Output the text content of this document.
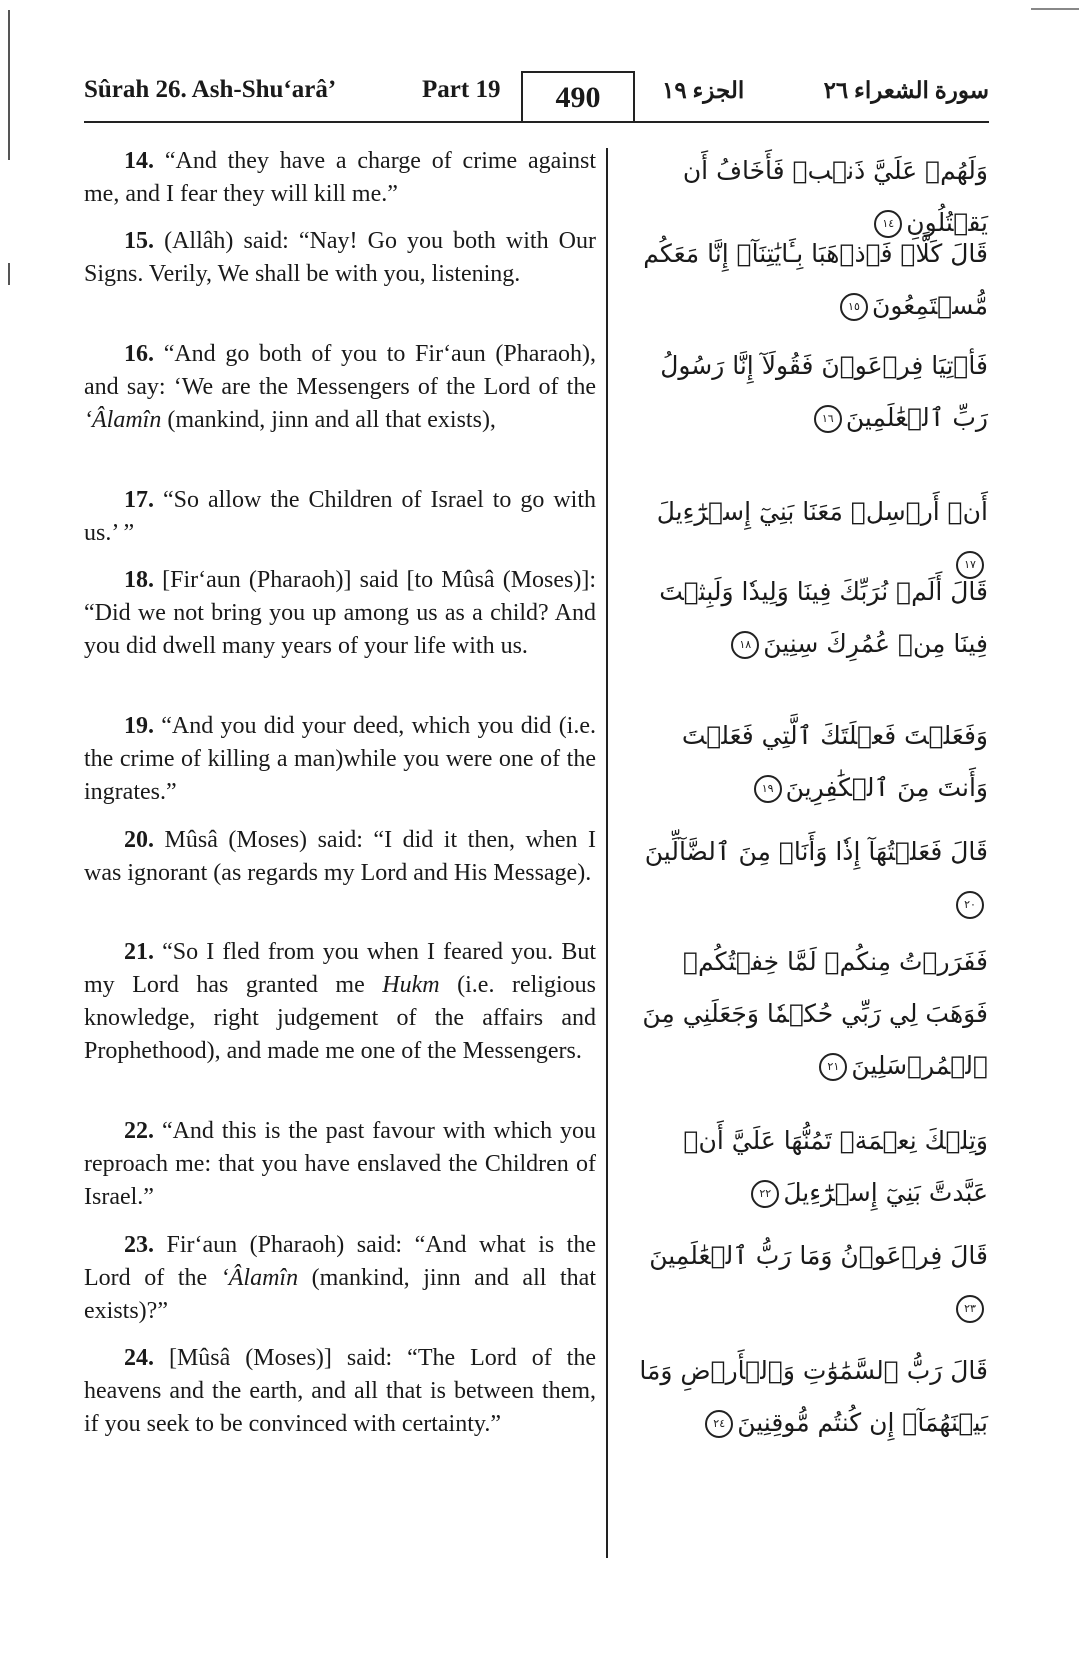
Sûrah 26. Ash-Shu‘arâ’	Part 19	490	الجزء ١٩	سورة الشعراء ٢٦
14. “And they have a charge of crime against me, and I fear they will kill me.”
15. (Allâh) said: “Nay! Go you both with Our Signs. Verily, We shall be with you, listening.
16. “And go both of you to Fir‘aun (Pharaoh), and say: ‘We are the Messengers of the Lord of the ‘Âlamîn (mankind, jinn and all that exists),
17. “So allow the Children of Israel to go with us.’ ”
18. [Fir‘aun (Pharaoh)] said [to Mûsâ (Moses)]: “Did we not bring you up among us as a child? And you did dwell many years of your life with us.
19. “And you did your deed, which you did (i.e. the crime of killing a man)while you were one of the ingrates.”
20. Mûsâ (Moses) said: “I did it then, when I was ignorant (as regards my Lord and His Message).
21. “So I fled from you when I feared you. But my Lord has granted me Hukm (i.e. religious knowledge, right judgement of the affairs and Prophethood), and made me one of the Messengers.
22. “And this is the past favour with which you reproach me: that you have enslaved the Children of Israel.”
23. Fir‘aun (Pharaoh) said: “And what is the Lord of the ‘Âlamîn (mankind, jinn and all that exists)?”
24. [Mûsâ (Moses)] said: “The Lord of the heavens and the earth, and all that is between them, if you seek to be convinced with certainty.”
وَلَهُمۡ عَلَيَّ ذَنۢبٞ فَأَخَافُ أَن يَقۡتُلُونِ١٤
قَالَ كَلَّاۖ فَٱذۡهَبَا بِـَٔايَٰتِنَآۖ إِنَّا مَعَكُم مُّسۡتَمِعُونَ١٥
فَأۡتِيَا فِرۡعَوۡنَ فَقُولَآ إِنَّا رَسُولُ رَبِّ ٱلۡعَٰلَمِينَ١٦
أَنۡ أَرۡسِلۡ مَعَنَا بَنِيٓ إِسۡرَٰٓءِيلَ١٧
قَالَ أَلَمۡ نُرَبِّكَ فِينَا وَلِيدٗا وَلَبِثۡتَ فِينَا مِنۡ عُمُرِكَ سِنِينَ١٨
وَفَعَلۡتَ فَعۡلَتَكَ ٱلَّتِي فَعَلۡتَ وَأَنتَ مِنَ ٱلۡكَٰفِرِينَ١٩
قَالَ فَعَلۡتُهَآ إِذٗا وَأَنَا۠ مِنَ ٱلضَّآلِّينَ٢٠
فَفَرَرۡتُ مِنكُمۡ لَمَّا خِفۡتُكُمۡ فَوَهَبَ لِي رَبِّي حُكۡمٗا وَجَعَلَنِي مِنَ ٱلۡمُرۡسَلِينَ٢١
وَتِلۡكَ نِعۡمَةٞ تَمُنُّهَا عَلَيَّ أَنۡ عَبَّدتَّ بَنِيٓ إِسۡرَٰٓءِيلَ٢٢
قَالَ فِرۡعَوۡنُ وَمَا رَبُّ ٱلۡعَٰلَمِينَ٢٣
قَالَ رَبُّ ٱلسَّمَٰوَٰتِ وَٱلۡأَرۡضِ وَمَا بَيۡنَهُمَآۖ إِن كُنتُم مُّوقِنِينَ٢٤
